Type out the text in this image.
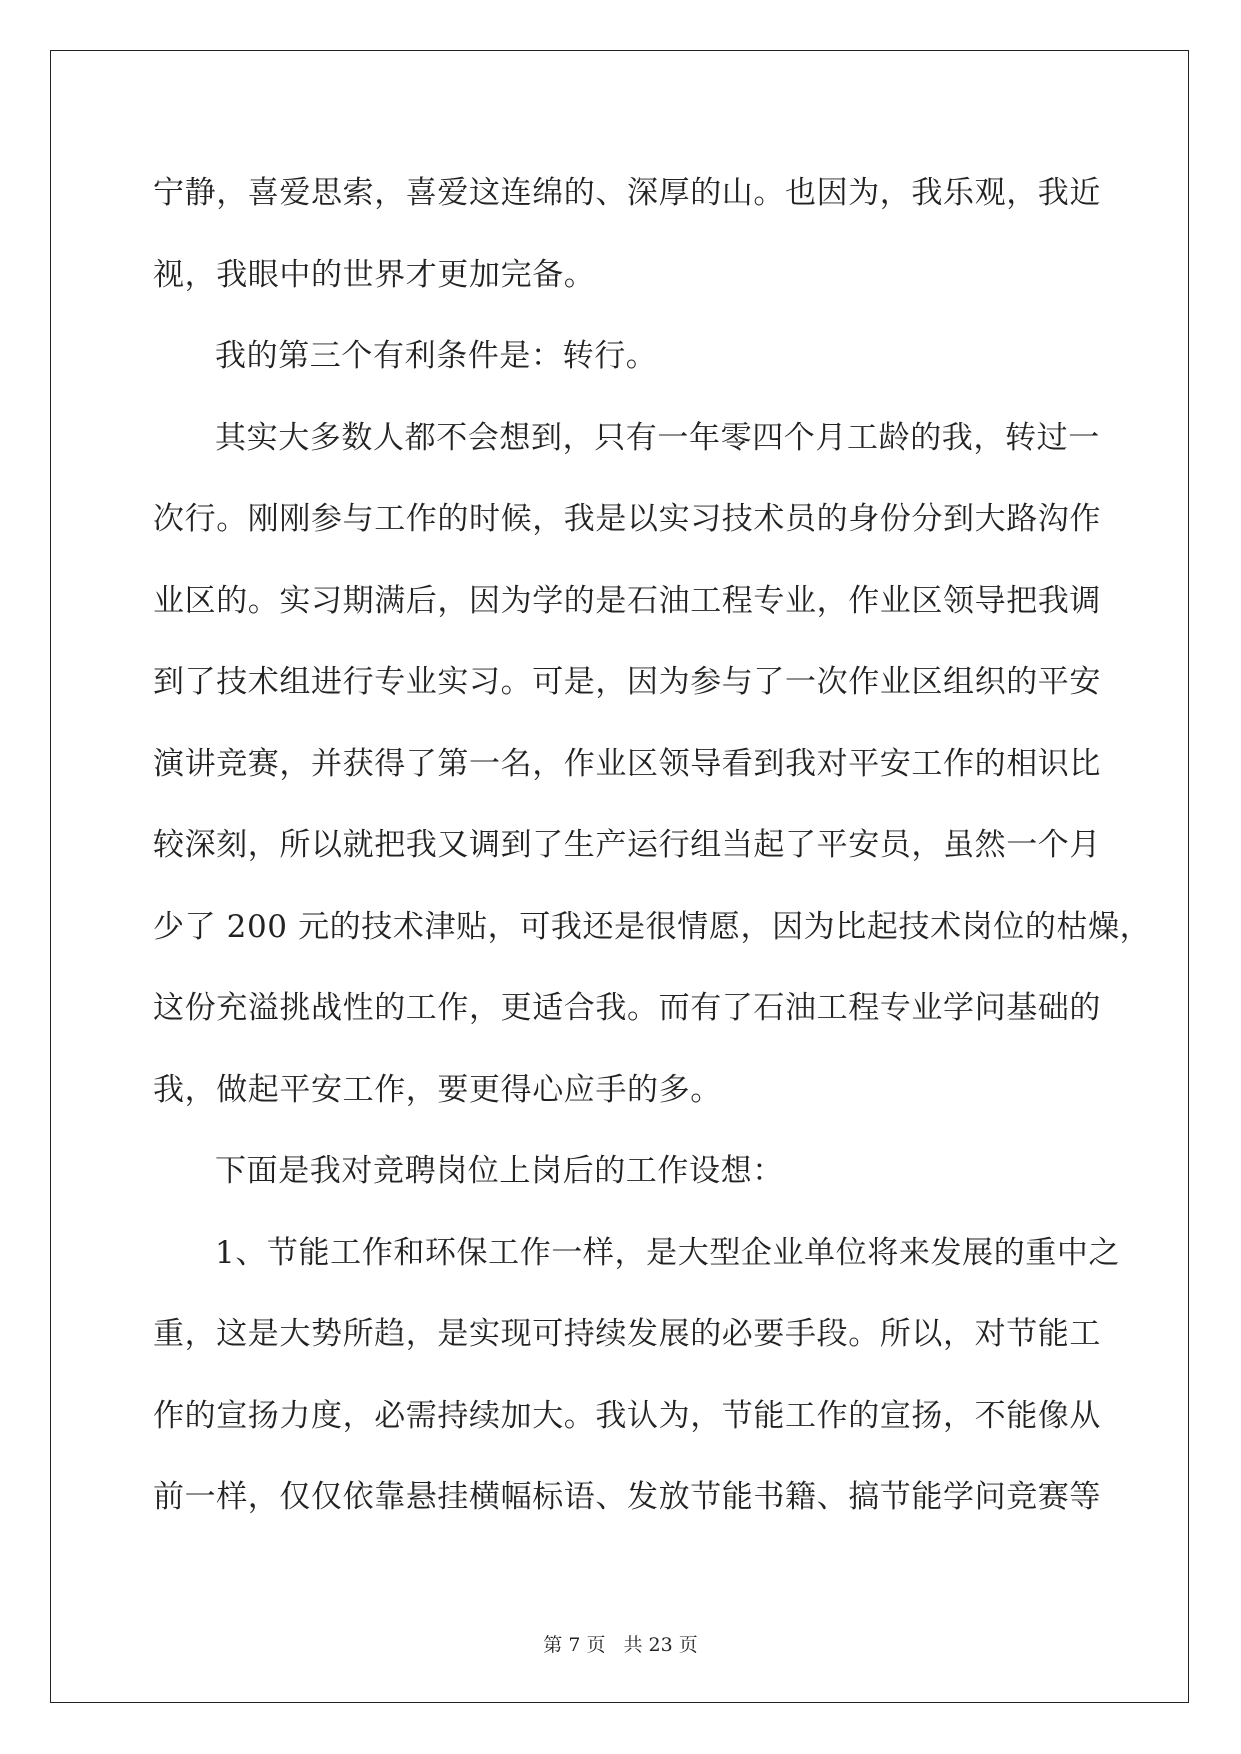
宁静，喜爱思索，喜爱这连绵的、深厚的山。也因为，我乐观，我近
视，我眼中的世界才更加完备。
我的第三个有利条件是：转行。
其实大多数人都不会想到，只有一年零四个月工龄的我，转过一
次行。刚刚参与工作的时候，我是以实习技术员的身份分到大路沟作
业区的。实习期满后，因为学的是石油工程专业，作业区领导把我调
到了技术组进行专业实习。可是，因为参与了一次作业区组织的平安
演讲竞赛，并获得了第一名，作业区领导看到我对平安工作的相识比
较深刻，所以就把我又调到了生产运行组当起了平安员，虽然一个月
少了 200 元的技术津贴，可我还是很情愿，因为比起技术岗位的枯燥，
这份充溢挑战性的工作，更适合我。而有了石油工程专业学问基础的
我，做起平安工作，要更得心应手的多。
下面是我对竞聘岗位上岗后的工作设想：
1、节能工作和环保工作一样，是大型企业单位将来发展的重中之
重，这是大势所趋，是实现可持续发展的必要手段。所以，对节能工
作的宣扬力度，必需持续加大。我认为，节能工作的宣扬，不能像从
前一样，仅仅依靠悬挂横幅标语、发放节能书籍、搞节能学问竞赛等
第 7 页 共 23 页
